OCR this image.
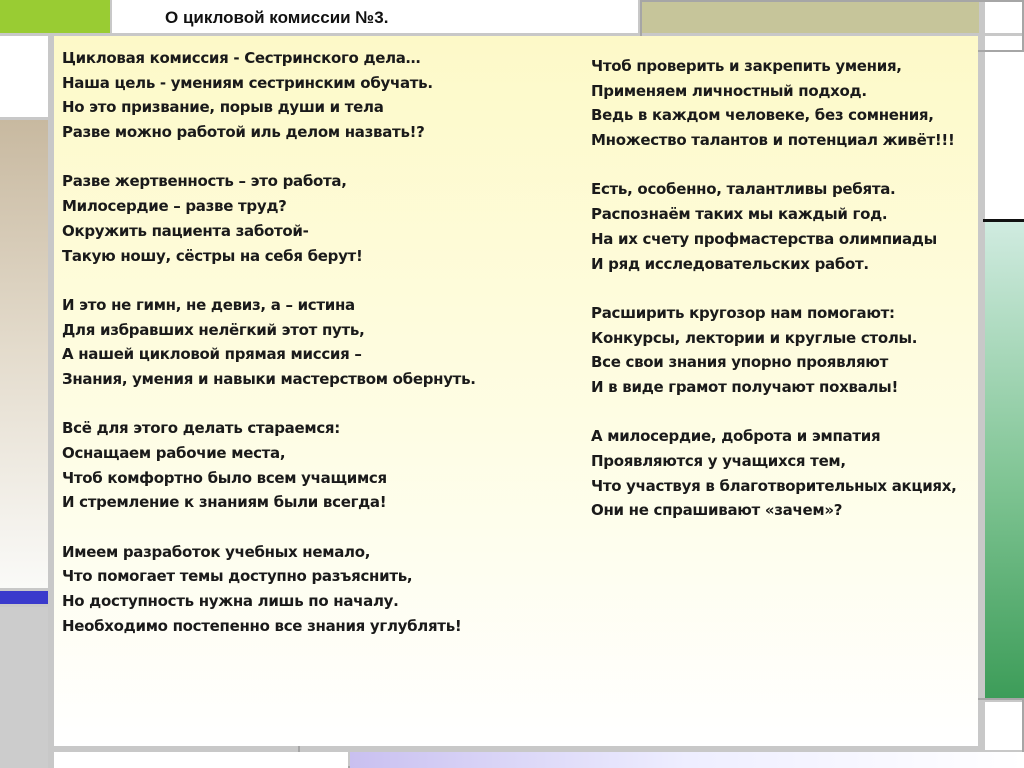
О цикловой комиссии №3.
Цикловая комиссия - Сестринского дела…
Наша цель - умениям сестринским обучать.
Но это призвание, порыв души и тела
Разве можно работой иль делом назвать!?
Разве жертвенность – это работа,
Милосердие – разве труд?
Окружить пациента заботой-
Такую ношу, сёстры на себя берут!
И это не гимн, не девиз, а – истина
Для избравших нелёгкий этот путь,
А нашей цикловой прямая миссия –
Знания, умения и навыки мастерством обернуть.
Всё для этого делать стараемся:
Оснащаем рабочие места,
Чтоб комфортно было всем учащимся
И стремление к знаниям были всегда!
Имеем разработок учебных немало,
Что помогает темы доступно разъяснить,
Но доступность нужна лишь по началу.
Необходимо постепенно все знания углублять!
Чтоб проверить и закрепить умения,
Применяем личностный подход.
Ведь в каждом человеке, без сомнения,
Множество талантов и потенциал живёт!!!
Есть, особенно, талантливы ребята.
Распознаём таких мы каждый год.
На их счету профмастерства олимпиады
И ряд исследовательских работ.
Расширить кругозор нам помогают:
Конкурсы, лектории и круглые столы.
Все свои знания упорно проявляют
И в виде грамот получают похвалы!
А милосердие, доброта и эмпатия
Проявляются у учащихся тем,
Что участвуя в благотворительных акциях,
Они не спрашивают «зачем»?
